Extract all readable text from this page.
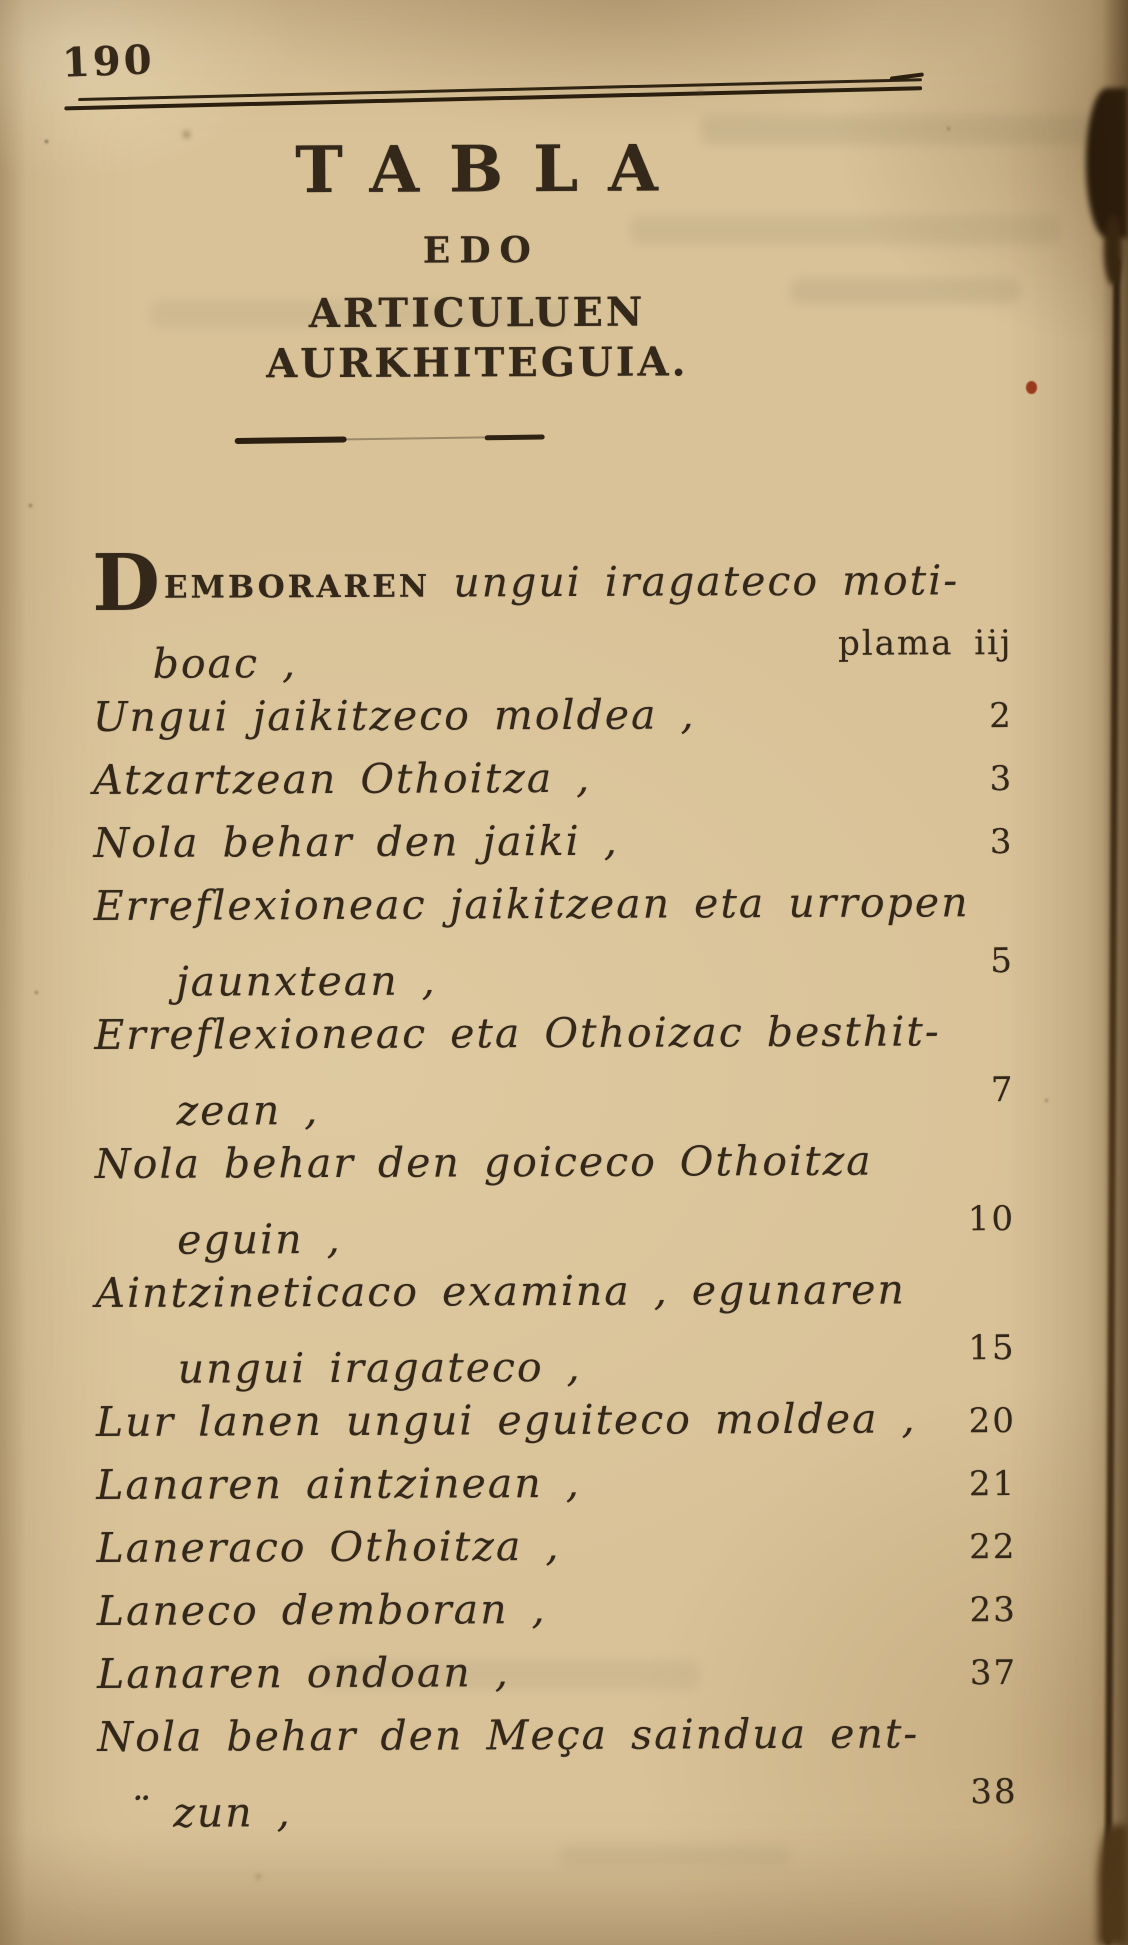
190
TABLA
EDO
ARTICULUEN AURKHITEGUIA.
DEMBORAREN ungui iragateco moti-
boac ,	plama iij
Ungui jaikitzeco moldea ,	2
Atzartzean Othoitza ,	3
Nola behar den jaiki ,	3
Erreflexioneac jaikitzean eta urropen
jaunxtean ,	5
Erreflexioneac eta Othoizac besthit-
zean ,	7
Nola behar den goiceco Othoitza
eguin ,	10
Aintzineticaco examina , egunaren
ungui iragateco ,	15
Lur lanen ungui eguiteco moldea , 20
Lanaren aintzinean ,	21
Laneraco Othoitza ,	22
Laneco demboran ,	23
Lanaren ondoan ,	37
Nola behar den Meça saindua ent-
¨ zun ,	38
